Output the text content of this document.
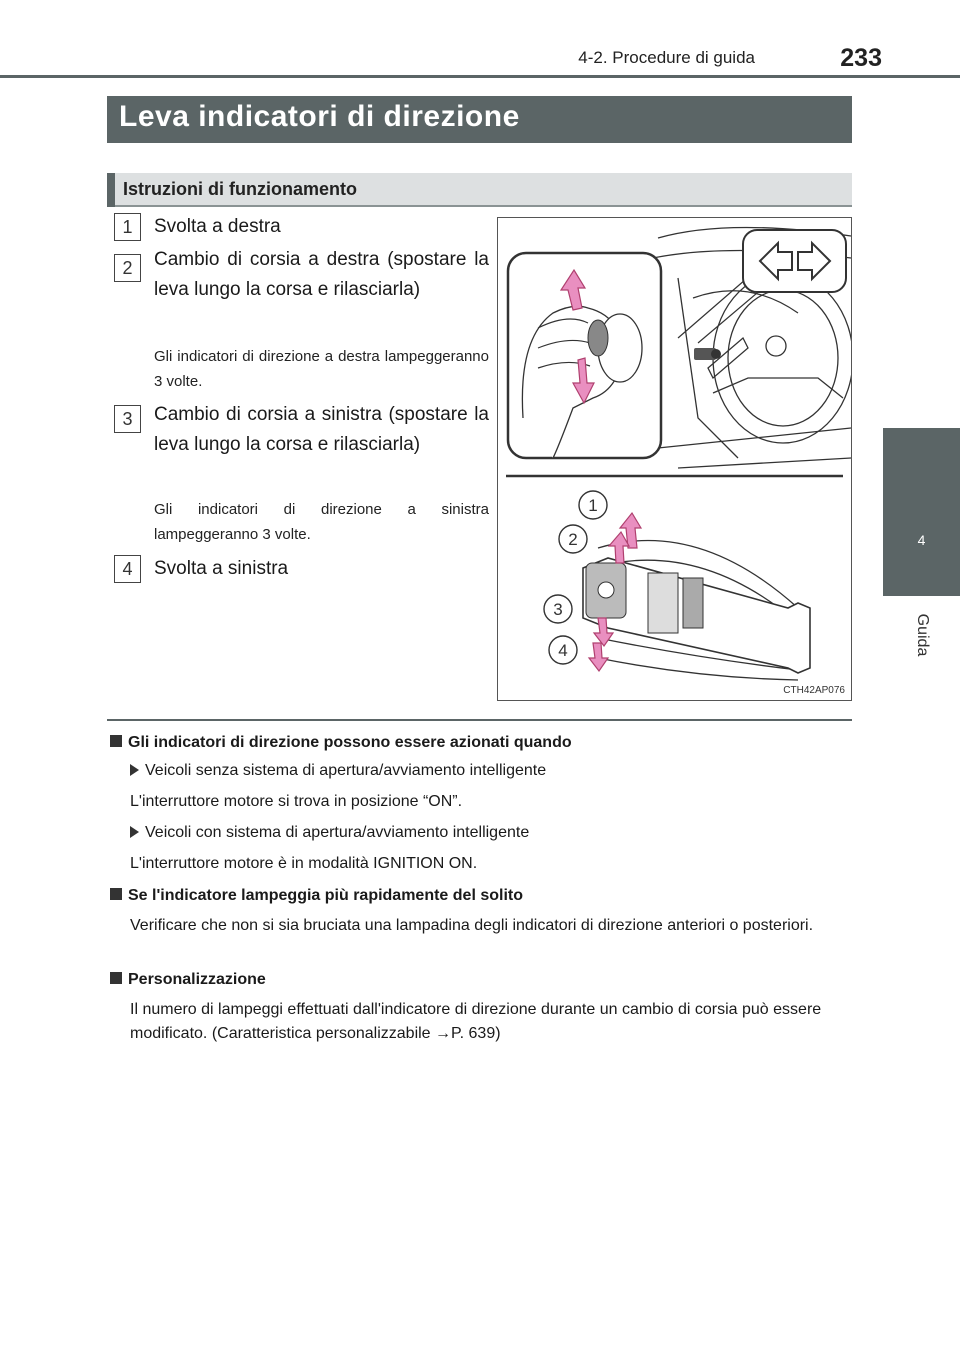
4-2. Procedure di guida	233
4
Guida
Leva indicatori di direzione
Istruzioni di funzionamento
1	Svolta a destra
2	Cambio di corsia a destra (spostare la leva lungo la corsa e rilasciarla)
Gli indicatori di direzione a destra lampeggeranno 3 volte.
3	Cambio di corsia a sinistra (spostare la leva lungo la corsa e rilasciarla)
Gli indicatori di direzione a sinistra lampeggeranno 3 volte.
4	Svolta a sinistra
1
2
3
4
CTH42AP076
Gli indicatori di direzione possono essere azionati quando
Veicoli senza sistema di apertura/avviamento intelligente
L'interruttore motore si trova in posizione “ON”.
Veicoli con sistema di apertura/avviamento intelligente
L'interruttore motore è in modalità IGNITION ON.
Se l'indicatore lampeggia più rapidamente del solito
Verificare che non si sia bruciata una lampadina degli indicatori di direzione anteriori o posteriori.
Personalizzazione
Il numero di lampeggi effettuati dall'indicatore di direzione durante un cambio di corsia può essere modificato. (Caratteristica personalizzabile →P. 639)
